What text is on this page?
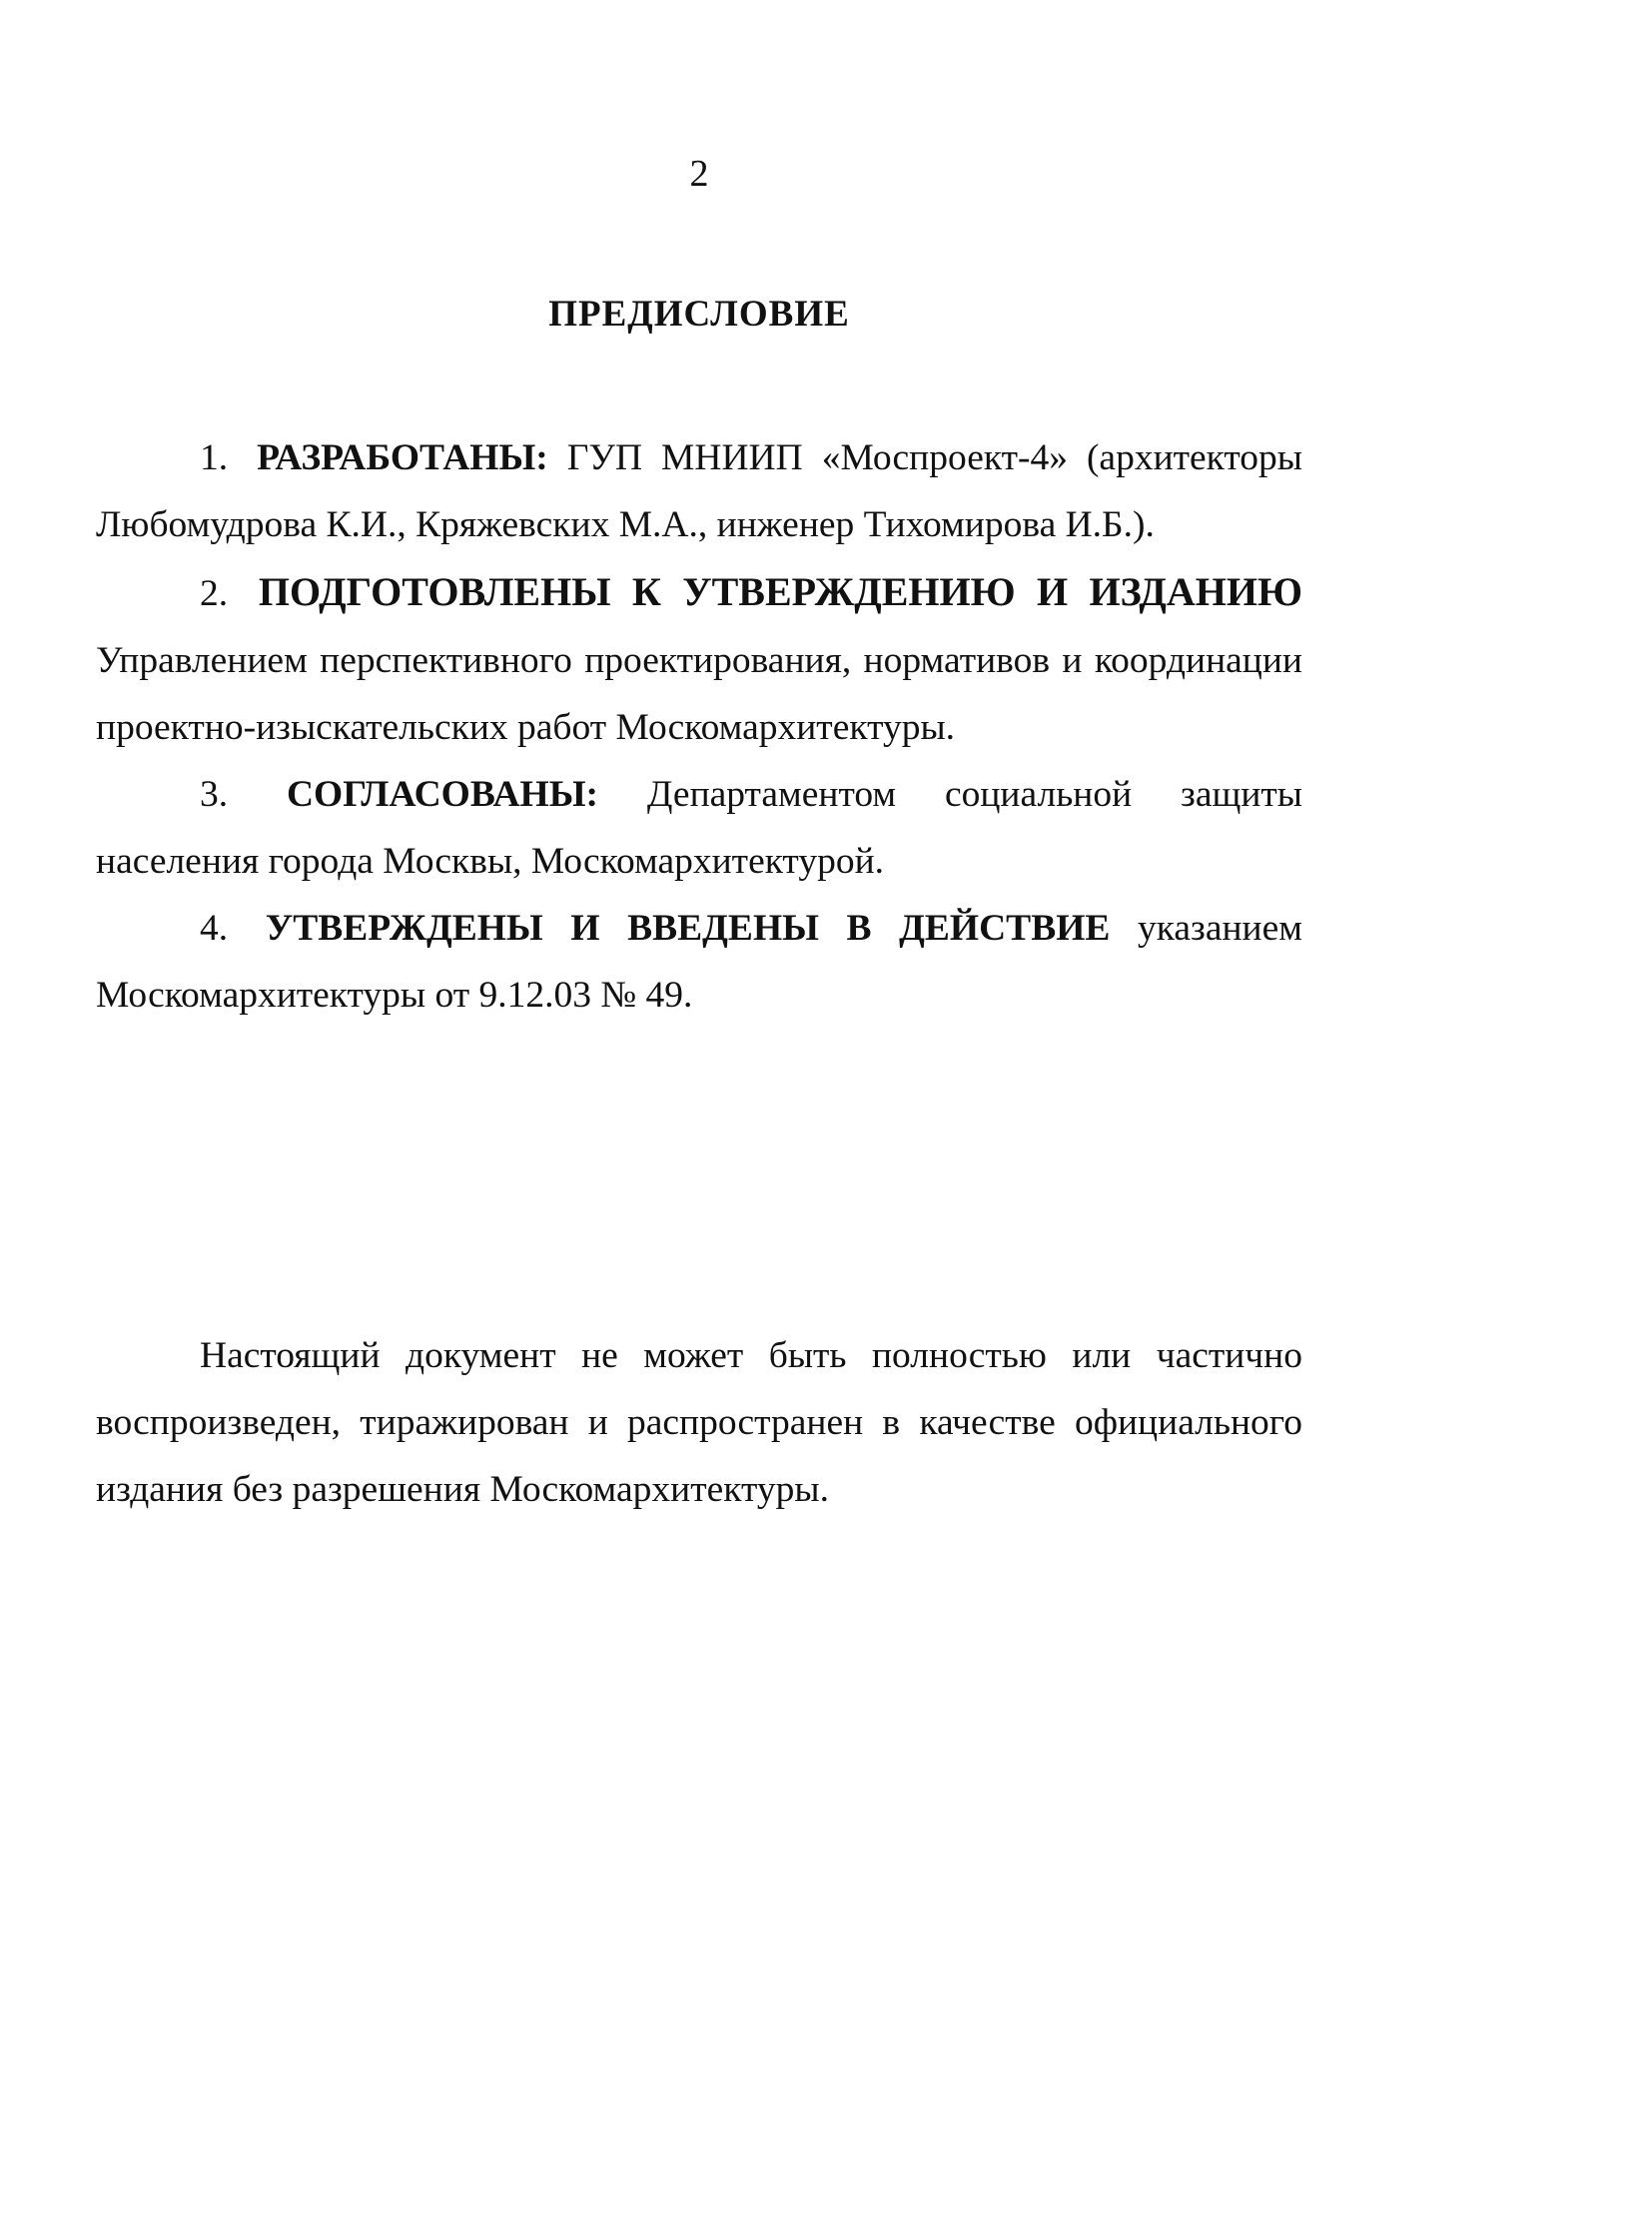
2
ПРЕДИСЛОВИЕ

1. РАЗРАБОТАНЫ: ГУП МНИИП «Моспроект-4» (архитекторы Любомудрова К.И., Кряжевских М.А., инженер Тихомирова И.Б.).

2. ПОДГОТОВЛЕНЫ К УТВЕРЖДЕНИЮ И ИЗДАНИЮ Управлением перспективного проектирования, нормативов и координации проектно-изыскательских работ Москомархитектуры.

3. СОГЛАСОВАНЫ: Департаментом социальной защиты населения города Москвы, Москомархитектурой.

4. УТВЕРЖДЕНЫ И ВВЕДЕНЫ В ДЕЙСТВИЕ указанием Москомархитектуры от 9.12.03 № 49.

Настоящий документ не может быть полностью или частично воспроизведен, тиражирован и распространен в качестве официального издания без разрешения Москомархитектуры.
